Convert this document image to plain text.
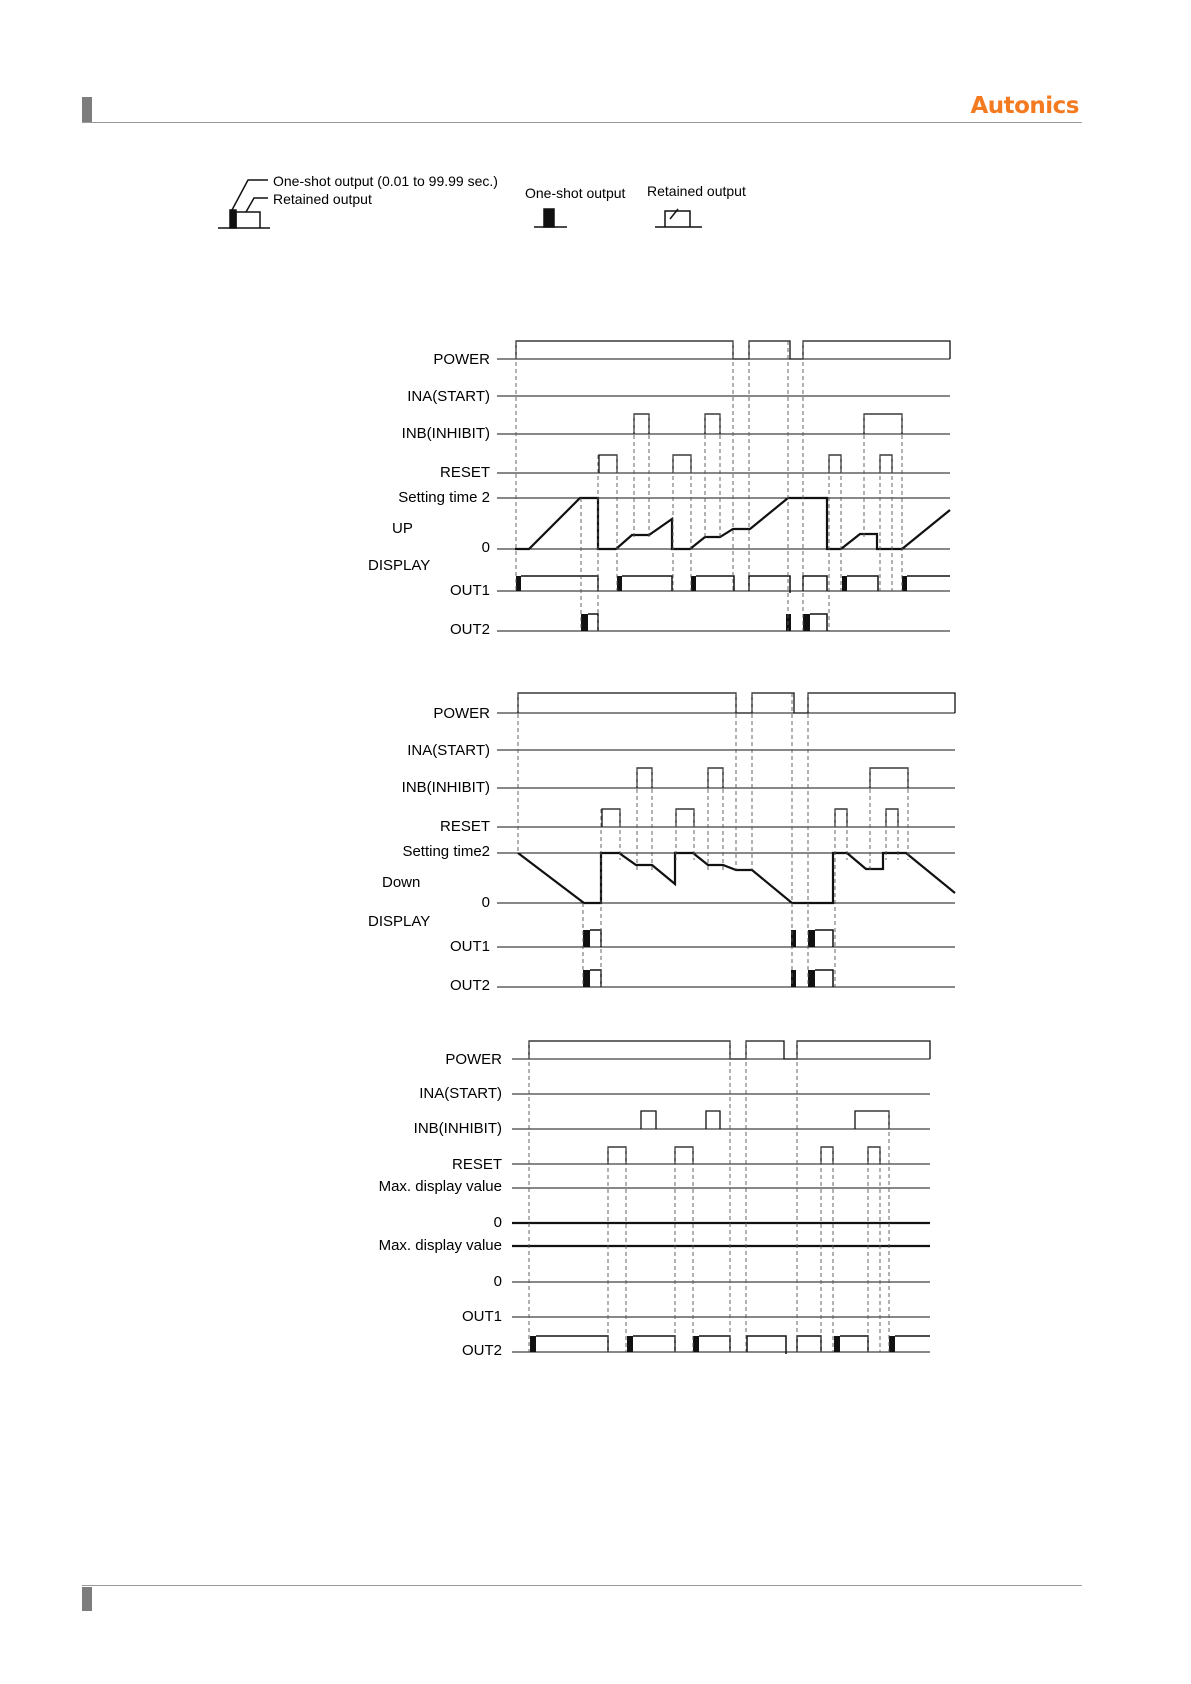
Autonics
One-shot output (0.01 to 99.99 sec.)
Retained output	One-shot output Retained output
POWER
INA(START)
INB(INHIBIT)
RESET
Setting time 2
0
OUT1
OUT2
UP
DISPLAY
POWER
INA(START)
INB(INHIBIT)
RESET
Setting time2
0
OUT1
OUT2
Down
DISPLAY
POWER
INA(START)
INB(INHIBIT)
RESET
Max. display value
0
Max. display value
0
OUT1
OUT2
